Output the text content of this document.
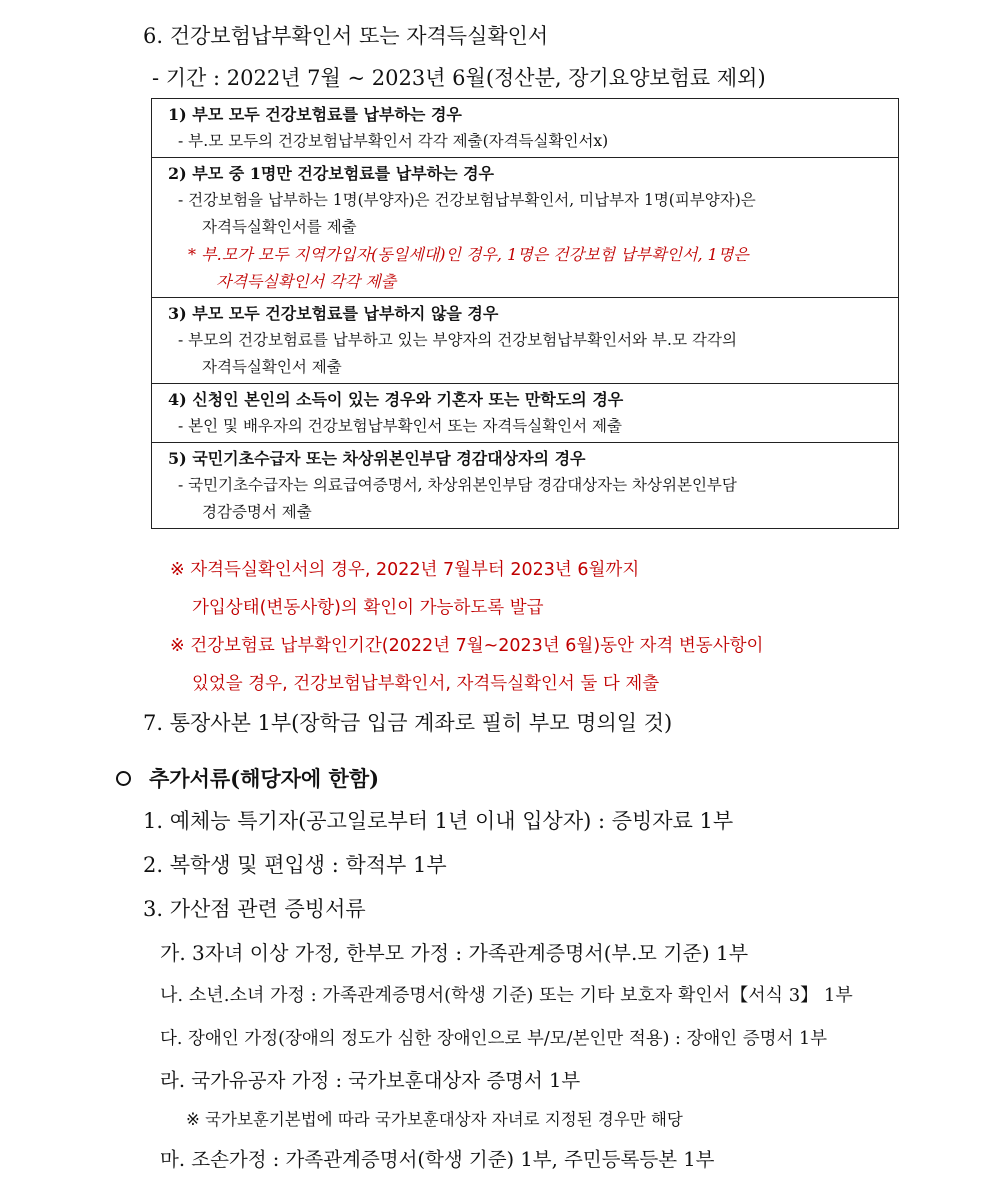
6. 건강보험납부확인서 또는 자격득실확인서
- 기간 : 2022년 7월 ~ 2023년 6월(정산분, 장기요양보험료 제외)
1) 부모 모두 건강보험료를 납부하는 경우
- 부․모 모두의 건강보험납부확인서 각각 제출(자격득실확인서x)
2) 부모 중 1명만 건강보험료를 납부하는 경우
- 건강보험을 납부하는 1명(부양자)은 건강보험납부확인서, 미납부자 1명(피부양자)은
자격득실확인서를 제출
* 부․모가 모두 지역가입자(동일세대)인 경우, 1명은 건강보험 납부확인서, 1명은
자격득실확인서 각각 제출
3) 부모 모두 건강보험료를 납부하지 않을 경우
- 부모의 건강보험료를 납부하고 있는 부양자의 건강보험납부확인서와 부․모 각각의
자격득실확인서 제출
4) 신청인 본인의 소득이 있는 경우와 기혼자 또는 만학도의 경우
- 본인 및 배우자의 건강보험납부확인서 또는 자격득실확인서 제출
5) 국민기초수급자 또는 차상위본인부담 경감대상자의 경우
- 국민기초수급자는 의료급여증명서, 차상위본인부담 경감대상자는 차상위본인부담
경감증명서 제출
※ 자격득실확인서의 경우, 2022년 7월부터 2023년 6월까지
가입상태(변동사항)의 확인이 가능하도록 발급
※ 건강보험료 납부확인기간(2022년 7월~2023년 6월)동안 자격 변동사항이
있었을 경우, 건강보험납부확인서, 자격득실확인서 둘 다 제출
7. 통장사본 1부(장학금 입금 계좌로 필히 부모 명의일 것)
추가서류(해당자에 한함)
1. 예체능 특기자(공고일로부터 1년 이내 입상자) : 증빙자료 1부
2. 복학생 및 편입생 : 학적부 1부
3. 가산점 관련 증빙서류
가. 3자녀 이상 가정, 한부모 가정 : 가족관계증명서(부․모 기준) 1부
나. 소년․소녀 가정 : 가족관계증명서(학생 기준) 또는 기타 보호자 확인서【서식 3】 1부
다. 장애인 가정(장애의 정도가 심한 장애인으로 부/모/본인만 적용) : 장애인 증명서 1부
라. 국가유공자 가정 : 국가보훈대상자 증명서 1부
※ 국가보훈기본법에 따라 국가보훈대상자 자녀로 지정된 경우만 해당
마. 조손가정 : 가족관계증명서(학생 기준) 1부, 주민등록등본 1부
